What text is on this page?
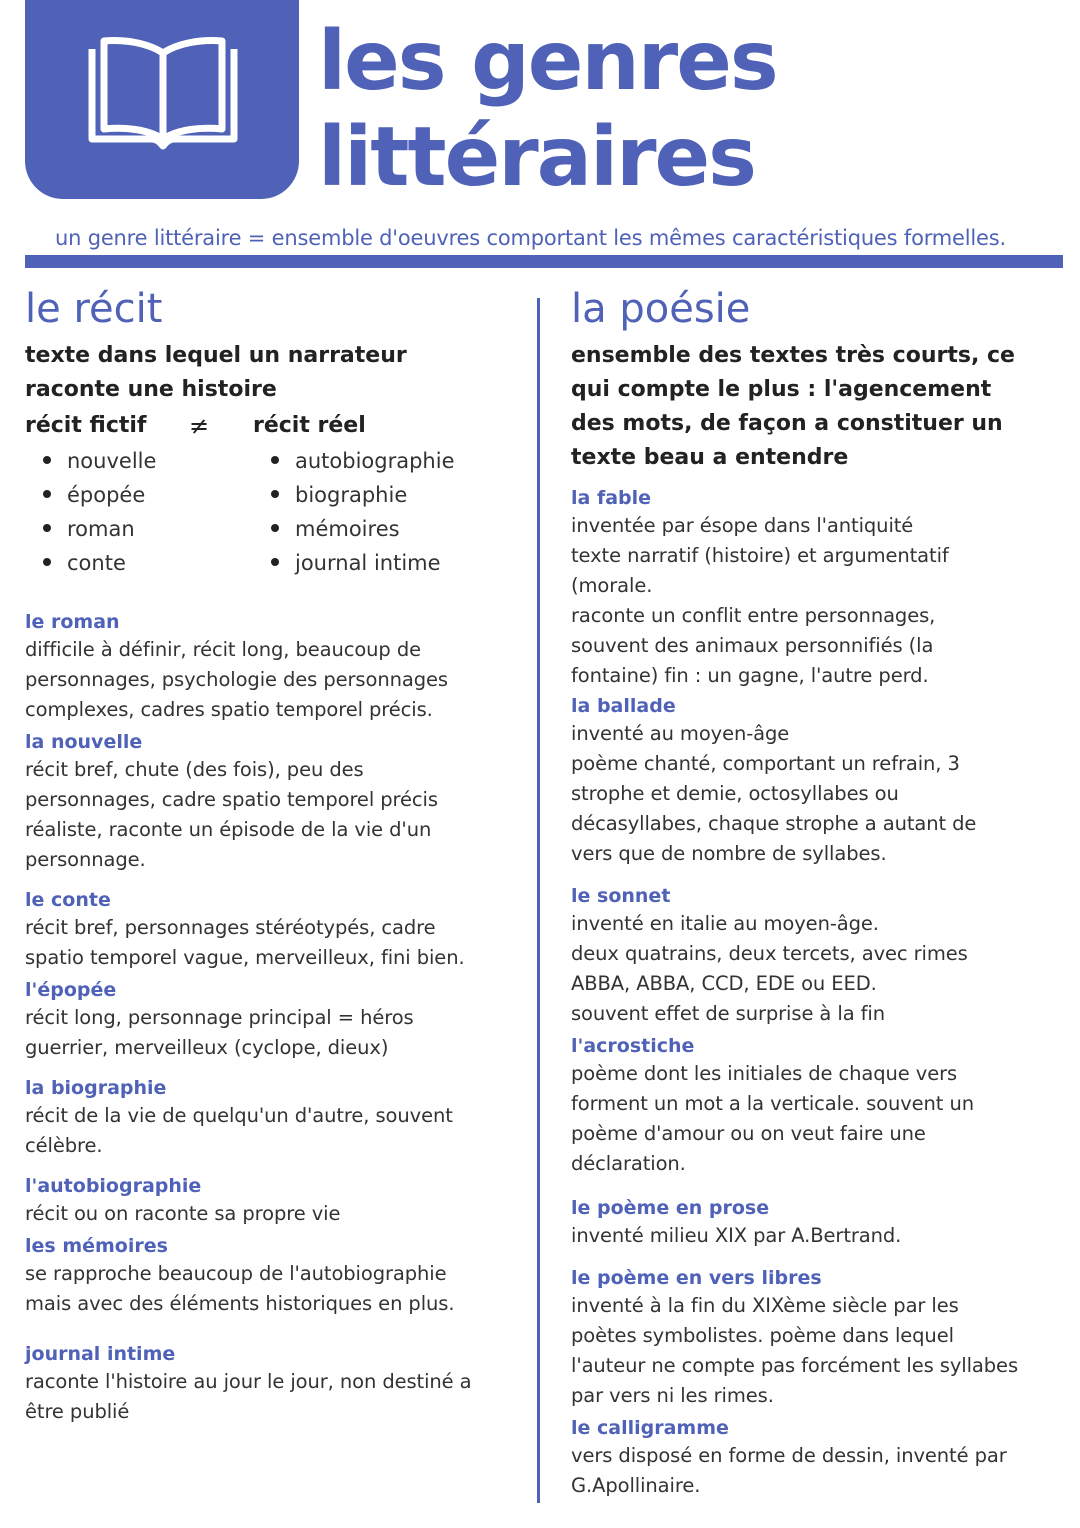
les genres
littéraires
un genre littéraire = ensemble d'oeuvres comportant les mêmes caractéristiques formelles.
le récit
texte dans lequel un narrateur
raconte une histoire
récit fictif ≠ récit réel
nouvelle
épopée
roman
conte
autobiographie
biographie
mémoires
journal intime
le roman

difficile à définir, récit long, beaucoup de

personnages, psychologie des personnages

complexes, cadres spatio temporel précis.

la nouvelle

récit bref, chute (des fois), peu des

personnages, cadre spatio temporel précis

réaliste, raconte un épisode de la vie d'un

personnage.

le conte

récit bref, personnages stéréotypés, cadre

spatio temporel vague, merveilleux, fini bien.

l'épopée

récit long, personnage principal = héros

guerrier, merveilleux (cyclope, dieux)

la biographie

récit de la vie de quelqu'un d'autre, souvent

célèbre.

l'autobiographie

récit ou on raconte sa propre vie

les mémoires

se rapproche beaucoup de l'autobiographie

mais avec des éléments historiques en plus.

journal intime

raconte l'histoire au jour le jour, non destiné a

être publié

la poésie
ensemble des textes très courts, ce
qui compte le plus : l'agencement
des mots, de façon a constituer un
texte beau a entendre
la fable

inventée par ésope dans l'antiquité

texte narratif (histoire) et argumentatif

(morale.

raconte un conflit entre personnages,

souvent des animaux personnifiés (la

fontaine) fin : un gagne, l'autre perd.

la ballade

inventé au moyen-âge

poème chanté, comportant un refrain, 3

strophe et demie, octosyllabes ou

décasyllabes, chaque strophe a autant de

vers que de nombre de syllabes.

le sonnet

inventé en italie au moyen-âge.

deux quatrains, deux tercets, avec rimes

ABBA, ABBA, CCD, EDE ou EED.

souvent effet de surprise à la fin

l'acrostiche

poème dont les initiales de chaque vers

forment un mot a la verticale. souvent un

poème d'amour ou on veut faire une

déclaration.

le poème en prose

inventé milieu XIX par A.Bertrand.

le poème en vers libres

inventé à la fin du XIXème siècle par les

poètes symbolistes. poème dans lequel

l'auteur ne compte pas forcément les syllabes

par vers ni les rimes.

le calligramme

vers disposé en forme de dessin, inventé par

G.Apollinaire.
